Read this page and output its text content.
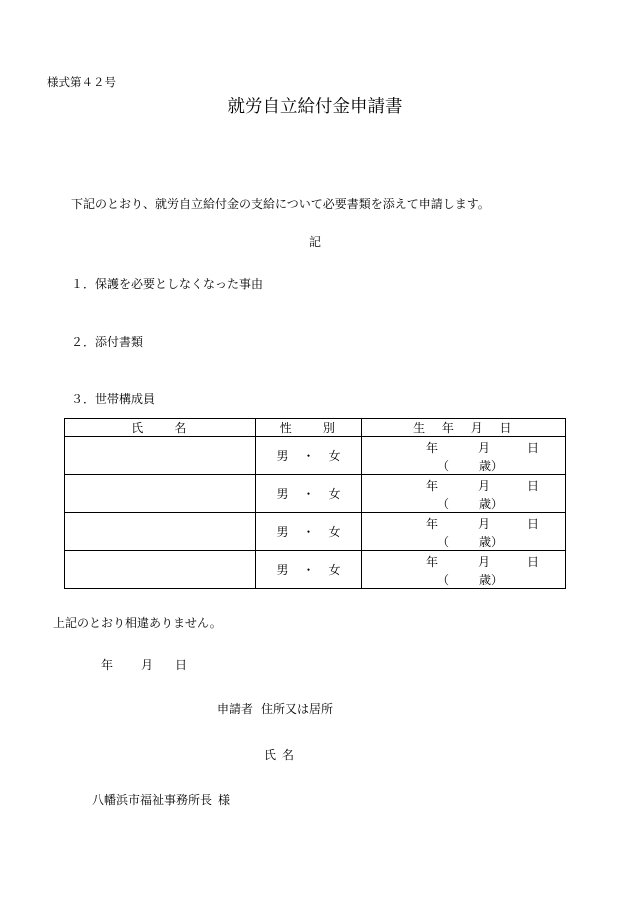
様式第４２号
就労自立給付金申請書
下記のとおり、就労自立給付金の支給について必要書類を添えて申請します。
記
１．保護を必要としなくなった事由
２．添付書類
３．世帯構成員
氏　　名	性　　別	生　年　月　日
	男 ・ 女	年 月 日
（ 歳）

	男 ・ 女	年 月 日
（ 歳）

	男 ・ 女	年 月 日
（ 歳）

	男 ・ 女	年 月 日
（ 歳）
上記のとおり相違ありません。
年 月 日
申請者 住所又は居所
氏 名
八幡浜市福祉事務所長 様
